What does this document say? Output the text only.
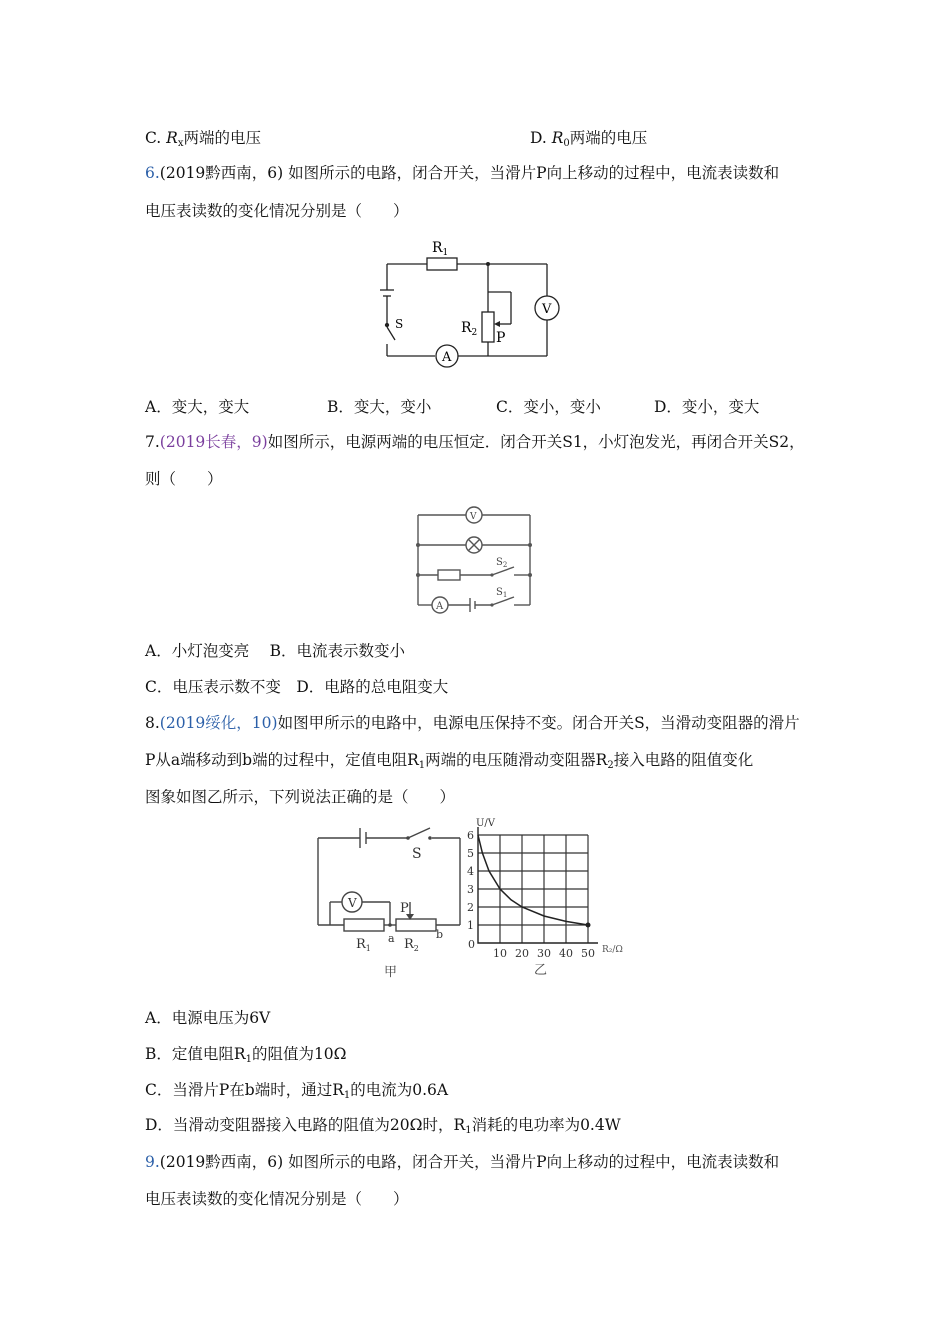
C. $R_x$两端的电压	D. $R_0$两端的电压
6.(2019黔西南，6) 如图所示的电路，闭合开关，当滑片P向上移动的过程中，电流表读数和
电压表读数的变化情况分别是（　　）
$R_1$
$R_2$
S
P
V
A
A．变大，变大	B．变大，变小	C．变小，变小	D．变小，变大
7.(2019长春，9)如图所示，电源两端的电压恒定．闭合开关S1，小灯泡发光，再闭合开关S2，
则（　　）
V
A
$S_2$
$S_1$
A．小灯泡变亮　 B．电流表示数变小
C．电压表示数不变　D．电路的总电阻变大
8.(2019绥化，10)如图甲所示的电路中，电源电压保持不变。闭合开关S，当滑动变阻器的滑片
P从a端移动到b端的过程中，定值电阻$R_1$两端的电压随滑动变阻器$R_2$接入电路的阻值变化
图象如图乙所示，下列说法正确的是（　　）
S
V	P
a	b
$R_1$	$R_2$
甲
1
2
3
4
5
6
10 20 30 40 50
U/V
R₂/Ω
0
乙
A．电源电压为6V
B．定值电阻$R_1$的阻值为10Ω
C．当滑片P在b端时，通过$R_1$的电流为0.6A
D．当滑动变阻器接入电路的阻值为20Ω时，$R_1$消耗的电功率为0.4W
9.(2019黔西南，6) 如图所示的电路，闭合开关，当滑片P向上移动的过程中，电流表读数和
电压表读数的变化情况分别是（　　）
